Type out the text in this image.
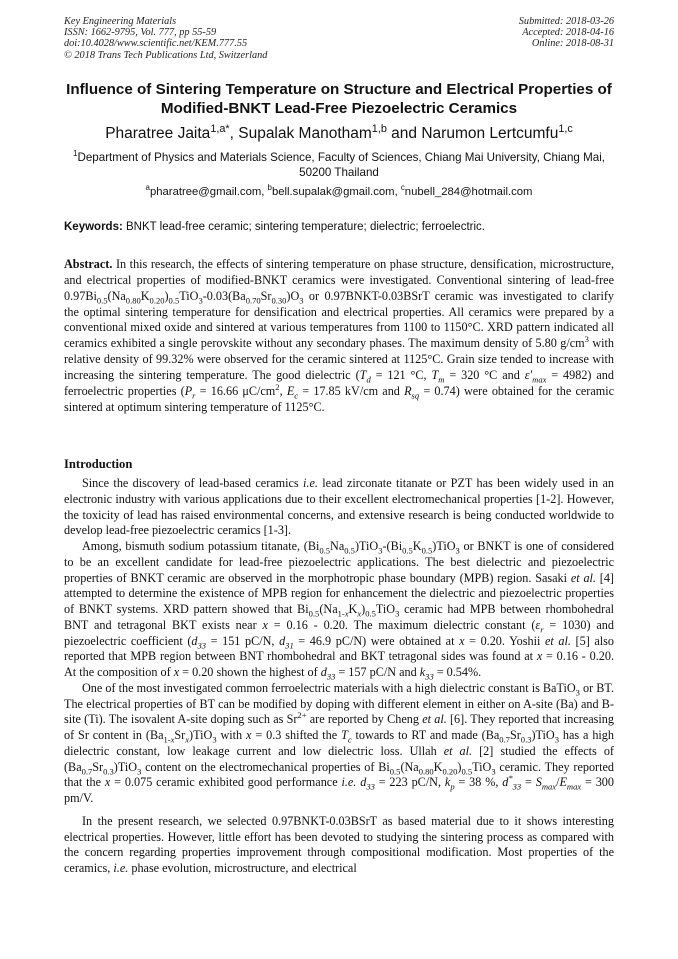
Key Engineering Materials
ISSN: 1662-9795, Vol. 777, pp 55-59
doi:10.4028/www.scientific.net/KEM.777.55
© 2018 Trans Tech Publications Ltd, Switzerland
Submitted: 2018-03-26
Accepted: 2018-04-16
Online: 2018-08-31
Influence of Sintering Temperature on Structure and Electrical Properties of Modified-BNKT Lead-Free Piezoelectric Ceramics
Pharatree Jaita$^{1,a*}$, Supalak Manotham$^{1,b}$ and Narumon Lertcumfu$^{1,c}$
$^1$Department of Physics and Materials Science, Faculty of Sciences, Chiang Mai University, Chiang Mai, 50200 Thailand
$^a$pharatree@gmail.com, $^b$bell.supalak@gmail.com, $^c$nubell_284@hotmail.com
Keywords: BNKT lead-free ceramic; sintering temperature; dielectric; ferroelectric.
Abstract. In this research, the effects of sintering temperature on phase structure, densification, microstructure, and electrical properties of modified-BNKT ceramics were investigated. Conventional sintering of lead-free $0.97Bi_{0.5}(Na_{0.80}K_{0.20})_{0.5}TiO_3-0.03(Ba_{0.70}Sr_{0.30})O_3$ or 0.97BNKT-0.03BSrT ceramic was investigated to clarify the optimal sintering temperature for densification and electrical properties. All ceramics were prepared by a conventional mixed oxide and sintered at various temperatures from 1100 to 1150°C. XRD pattern indicated all ceramics exhibited a single perovskite without any secondary phases. The maximum density of 5.80 $g/cm^3$ with relative density of 99.32% were observed for the ceramic sintered at 1125°C. Grain size tended to increase with increasing the sintering temperature. The good dielectric ($T_d = 121$ °C, $T_m = 320$ °C and $\varepsilon'_{max} = 4982$) and ferroelectric properties ($P_r = 16.66$ $\mu C/cm^2$, $E_c = 17.85$ kV/cm and $R_{sq} = 0.74$) were obtained for the ceramic sintered at optimum sintering temperature of 1125°C.
Introduction

Since the discovery of lead-based ceramics i.e. lead zirconate titanate or PZT has been widely used in an electronic industry with various applications due to their excellent electromechanical properties [1-2]. However, the toxicity of lead has raised environmental concerns, and extensive research is being conducted worldwide to develop lead-free piezoelectric ceramics [1-3].

Among, bismuth sodium potassium titanate, $(Bi_{0.5}Na_{0.5})TiO_3-(Bi_{0.5}K_{0.5})TiO_3$ or BNKT is one of considered to be an excellent candidate for lead-free piezoelectric applications. The best dielectric and piezoelectric properties of BNKT ceramic are observed in the morphotropic phase boundary (MPB) region. Sasaki et al. [4] attempted to determine the existence of MPB region for enhancement the dielectric and piezoelectric properties of BNKT systems. XRD pattern showed that $Bi_{0.5}(Na_{1-x}K_x)_{0.5}TiO_3$ ceramic had MPB between rhombohedral BNT and tetragonal BKT exists near x = 0.16 - 0.20. The maximum dielectric constant $(\varepsilon_r = 1030)$ and piezoelectric coefficient ($d_{33} = 151$ pC/N, $d_{31} = 46.9$ pC/N) were obtained at x = 0.20. Yoshii et al. [5] also reported that MPB region between BNT rhombohedral and BKT tetragonal sides was found at x = 0.16 - 0.20. At the composition of x = 0.20 shown the highest of $d_{33} = 157$ pC/N and $k_{33} = 0.54\%$.

One of the most investigated common ferroelectric materials with a high dielectric constant is BaTiO$_3$ or BT. The electrical properties of BT can be modified by doping with different element in either on A-site (Ba) and B-site (Ti). The isovalent A-site doping such as $Sr^{2+}$ are reported by Cheng et al. [6]. They reported that increasing of Sr content in $(Ba_{1-x}Sr_x)TiO_3$ with x = 0.3 shifted the $T_c$ towards to RT and made $(Ba_{0.7}Sr_{0.3})TiO_3$ has a high dielectric constant, low leakage current and low dielectric loss. Ullah et al. [2] studied the effects of $(Ba_{0.7}Sr_{0.3})TiO_3$ content on the electromechanical properties of $Bi_{0.5}(Na_{0.80}K_{0.20})_{0.5}TiO_3$ ceramic. They reported that the x = 0.075 ceramic exhibited good performance i.e. $d_{33} = 223$ pC/N, $k_p = 38$ %, $d^*_{33} = S_{max}/E_{max} = 300$ pm/V.

In the present research, we selected 0.97BNKT-0.03BSrT as based material due to it shows interesting electrical properties. However, little effort has been devoted to studying the sintering process as compared with the concern regarding properties improvement through compositional modification. Most properties of the ceramics, i.e. phase evolution, microstructure, and electrical
